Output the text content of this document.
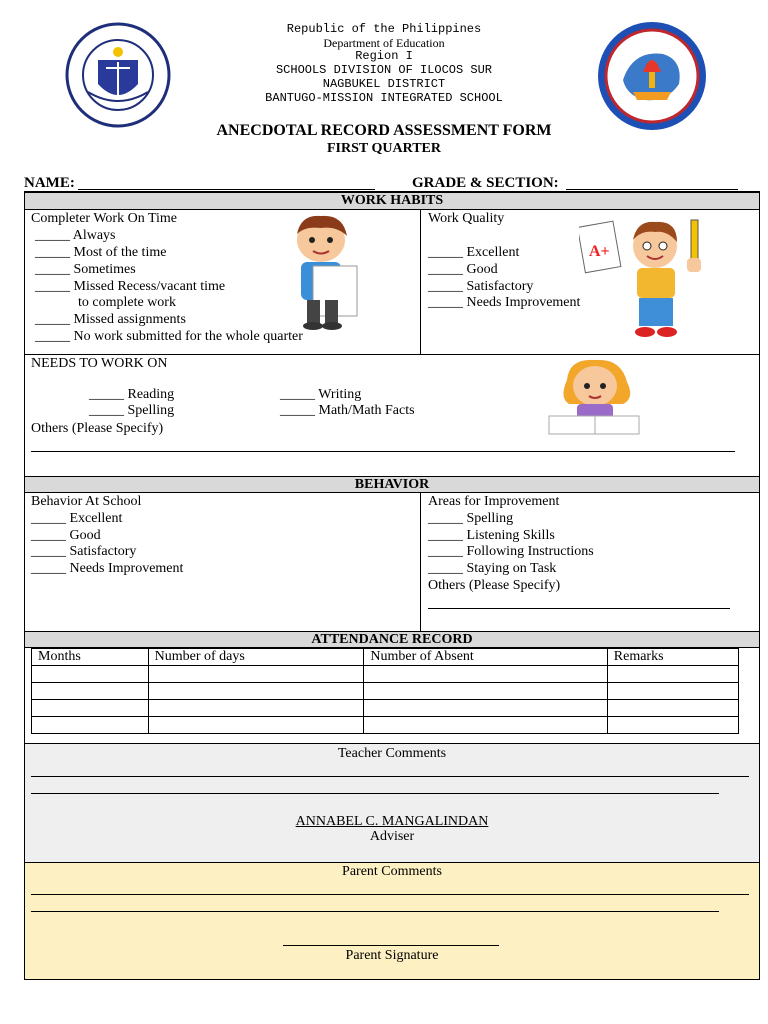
Republic of the Philippines
Department of Education
Region I
SCHOOLS DIVISION OF ILOCOS SUR
NAGBUKEL DISTRICT
BANTUGO-MISSION INTEGRATED SCHOOL
ANECDOTAL RECORD ASSESSMENT FORM
FIRST QUARTER
NAME:	GRADE & SECTION:
WORK HABITS
Completer Work On Time
_____ Always
_____ Most of the time
_____ Sometimes
_____ Missed Recess/vacant time
to complete work
_____ Missed assignments
_____ No work submitted for the whole quarter
Work Quality
_____ Excellent
_____ Good
_____ Satisfactory
_____ Needs Improvement
A+
NEEDS TO WORK ON
_____ Reading	_____ Writing
_____ Spelling	_____ Math/Math Facts
Others (Please Specify)
BEHAVIOR
Behavior At School
_____ Excellent
_____ Good
_____ Satisfactory
_____ Needs Improvement
Areas for Improvement
_____ Spelling
_____ Listening Skills
_____ Following Instructions
_____ Staying on Task
Others (Please Specify)
ATTENDANCE RECORD
Months	Number of days	Number of Absent	Remarks

Teacher Comments
ANNABEL C. MANGALINDAN
Adviser
Parent Comments
Parent Signature
